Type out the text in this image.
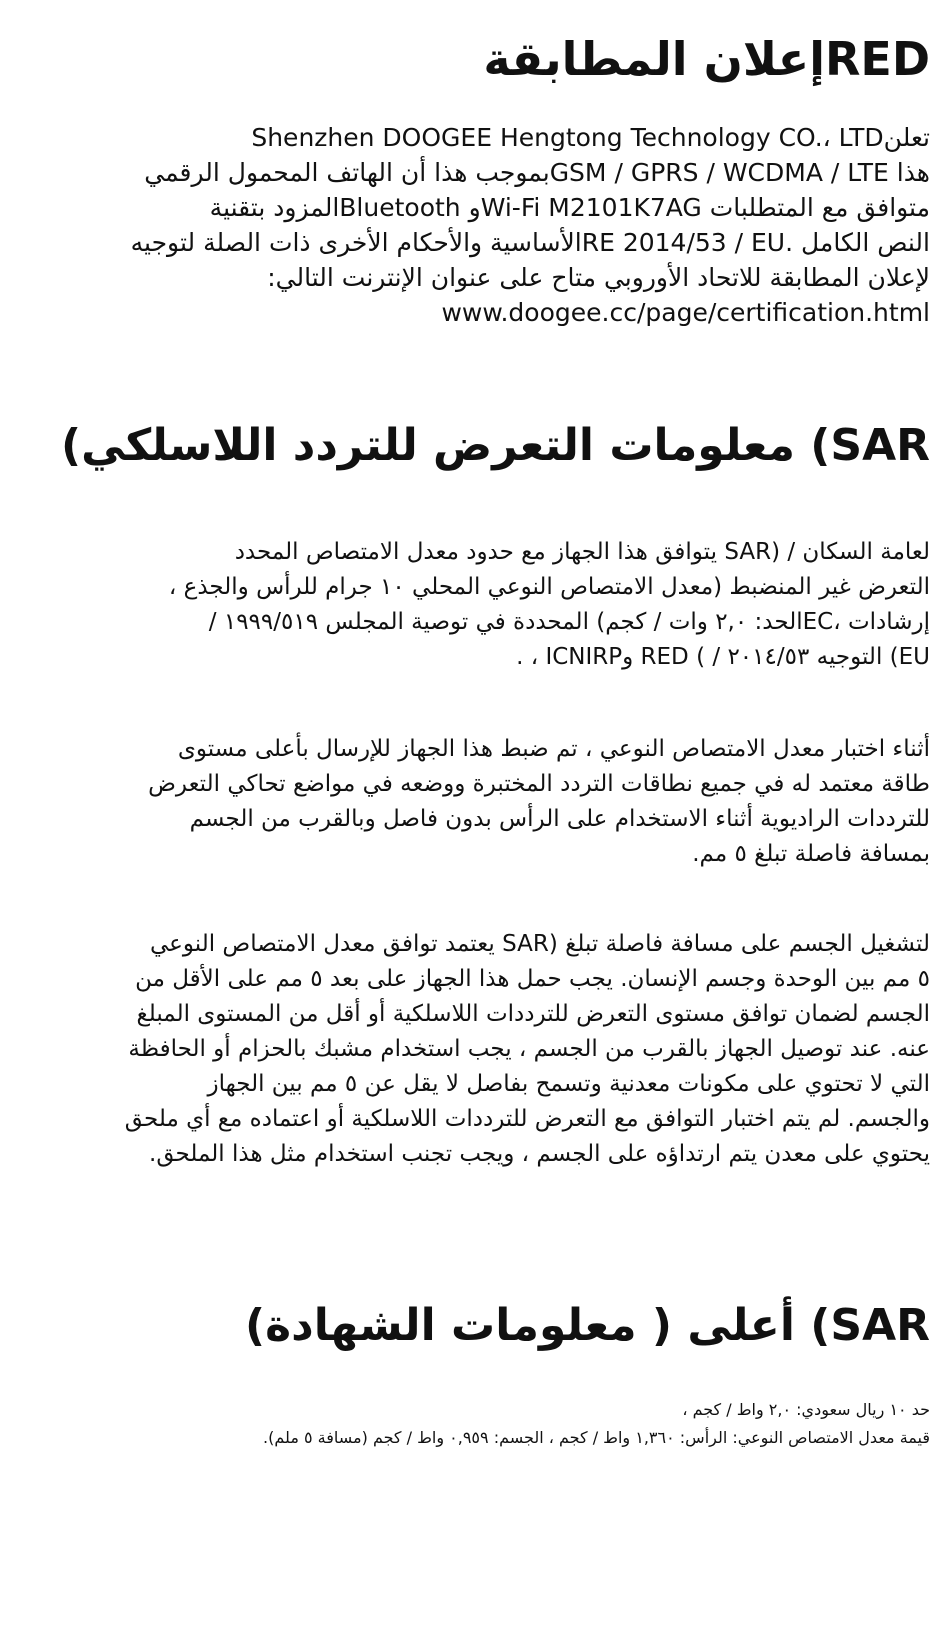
REDإعلان المطابقة
تعلنShenzhen DOOGEE Hengtong Technology CO.، LTD
هذا GSM / GPRS / WCDMA / LTEبموجب هذا أن الهاتف المحمول الرقمي
متوافق مع المتطلبات Wi-Fi M2101K7AGو Bluetoothالمزود بتقنية
النص الكامل .RE 2014/53 / EUالأساسية والأحكام الأخرى ذات الصلة لتوجيه
لإعلان المطابقة للاتحاد الأوروبي متاح على عنوان الإنترنت التالي:
www.doogee.cc/page/certification.html
SAR) معلومات التعرض للتردد اللاسلكي)
لعامة السكان / (SAR يتوافق هذا الجهاز مع حدود معدل الامتصاص المحدد
التعرض غير المنضبط (معدل الامتصاص النوعي المحلي ١٠ جرام للرأس والجذع ،
إرشادات ،ECالحد: ٢,٠ وات / كجم) المحددة في توصية المجلس ١٩٩٩/٥١٩ /
EU) التوجيه ٢٠١٤/٥٣ / ) RED وICNIRP ، .
أثناء اختبار معدل الامتصاص النوعي ، تم ضبط هذا الجهاز للإرسال بأعلى مستوى
طاقة معتمد له في جميع نطاقات التردد المختبرة ووضعه في مواضع تحاكي التعرض
للترددات الراديوية أثناء الاستخدام على الرأس بدون فاصل وبالقرب من الجسم
بمسافة فاصلة تبلغ ٥ مم.
لتشغيل الجسم على مسافة فاصلة تبلغ (SAR يعتمد توافق معدل الامتصاص النوعي
٥ مم بين الوحدة وجسم الإنسان. يجب حمل هذا الجهاز على بعد ٥ مم على الأقل من
الجسم لضمان توافق مستوى التعرض للترددات اللاسلكية أو أقل من المستوى المبلغ
عنه. عند توصيل الجهاز بالقرب من الجسم ، يجب استخدام مشبك بالحزام أو الحافظة
التي لا تحتوي على مكونات معدنية وتسمح بفاصل لا يقل عن ٥ مم بين الجهاز
والجسم. لم يتم اختبار التوافق مع التعرض للترددات اللاسلكية أو اعتماده مع أي ملحق
يحتوي على معدن يتم ارتداؤه على الجسم ، ويجب تجنب استخدام مثل هذا الملحق.
SAR) أعلى ( معلومات الشهادة)
حد ١٠ ريال سعودي: ٢,٠ واط / كجم ،
قيمة معدل الامتصاص النوعي: الرأس: ١,٣٦٠ واط / كجم ، الجسم: ٠,٩٥٩ واط / كجم (مسافة ٥ ملم).
